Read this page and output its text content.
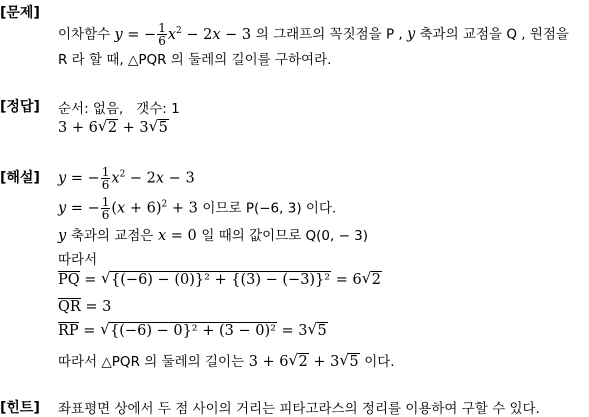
[문제]
이차함수 y = − $\frac{1}{6} x^2 - 2x - 3$ 의 그래프의 꼭짓점을 P , y 축과의 교점을 Q , 원점을
R 라 할 때, △PQR 의 둘레의 길이를 구하여라.
[정답] 순서: 없음, 갯수: 1
3 + 6 √ 2 + 3 √ 5
[해설] y = − $\frac{1}{6} x^2 - 2x - 3$
y = − $\frac{1}{6} (x + 6)^2 + 3$ 이므로 P(−6, 3) 이다.
y 축과의 교점은 x = 0 일 때의 값이므로 Q(0, − 3)
따라서
PQ = √ {(−6) − (0)}² + {(3) − (−3)}² = 6 √ 2
QR = 3
RP = √ {(−6) − 0}² + (3 − 0)² = 3 √ 5
따라서 △PQR 의 둘레의 길이는 3 + 6 √ 2 + 3 √ 5 이다.
[힌트] 좌표평면 상에서 두 점 사이의 거리는 피타고라스의 정리를 이용하여 구할 수 있다.
